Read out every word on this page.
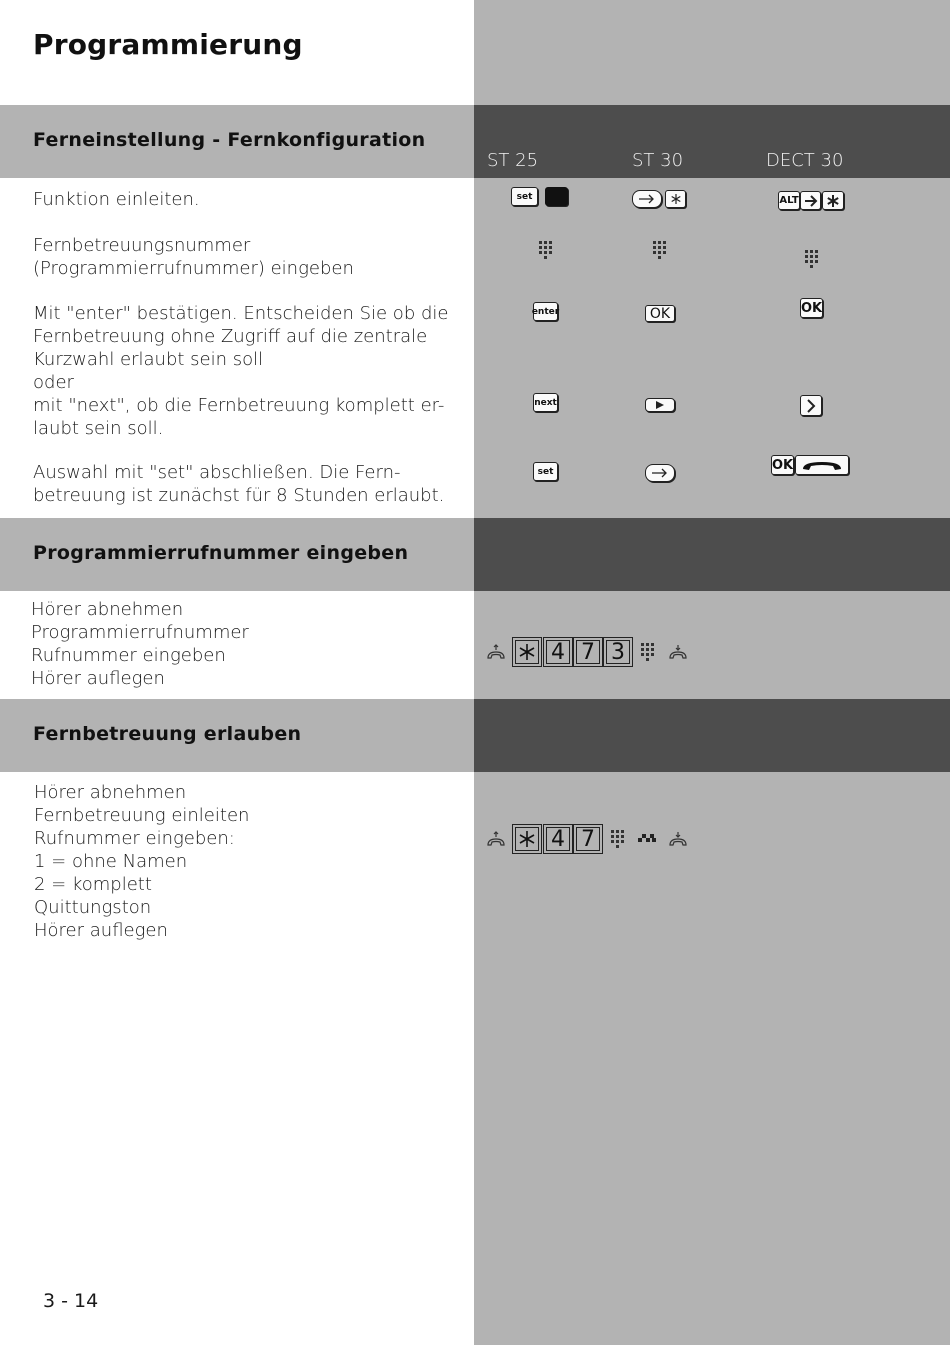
Programmierung
Ferneinstellung - Fernkonfiguration
ST 25	ST 30	DECT 30
Funktion einleiten.
Fernbetreuungsnummer
(Programmierrufnummer) eingeben
Mit "enter" bestätigen. Entscheiden Sie ob die
Fernbetreuung ohne Zugriff auf die zentrale
Kurzwahl erlaubt sein soll
oder
mit "next", ob die Fernbetreuung komplett er-
laubt sein soll.
Auswahl mit "set" abschließen. Die Fern-
betreuung ist zunächst für 8 Stunden erlaubt.
set
enter
next
set
OK
ALT
OK
OK
Programmierrufnummer eingeben
Hörer abnehmen
Programmierrufnummer
Rufnummer eingeben
Hörer auflegen
4 7 3
Fernbetreuung erlauben
Hörer abnehmen
Fernbetreuung einleiten
Rufnummer eingeben:
1 = ohne Namen
2 = komplett
Quittungston
Hörer auflegen
4 7
3 - 14
